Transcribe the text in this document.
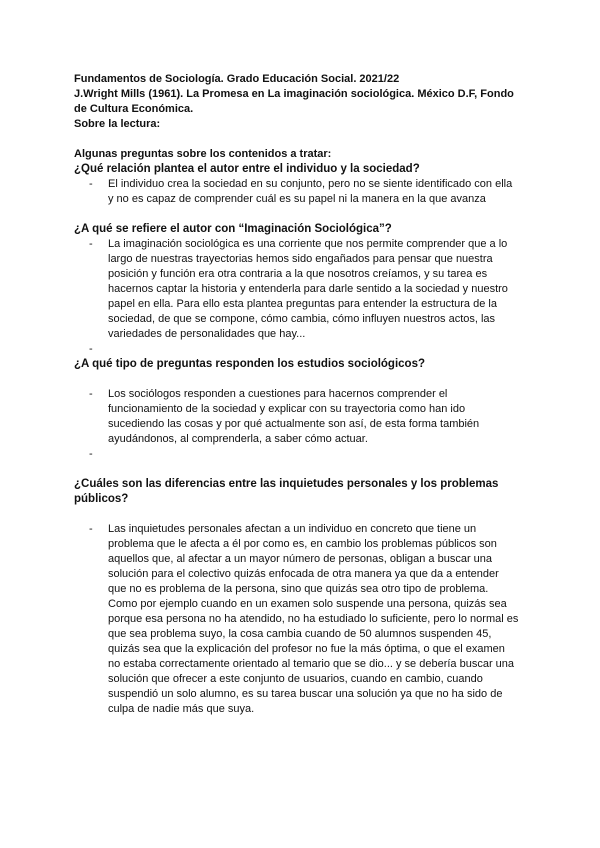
Fundamentos de Sociología. Grado Educación Social. 2021/22

J.Wright Mills (1961). La Promesa en La imaginación sociológica. México D.F, Fondo de Cultura Económica.

Sobre la lectura:

Algunas preguntas sobre los contenidos a tratar:

¿Qué relación plantea el autor entre el individuo y la sociedad?

- El individuo crea la sociedad en su conjunto, pero no se siente identificado con ella y no es capaz de comprender cuál es su papel ni la manera en la que avanza

¿A qué se refiere el autor con “Imaginación Sociológica”?

- La imaginación sociológica es una corriente que nos permite comprender que a lo largo de nuestras trayectorias hemos sido engañados para pensar que nuestra posición y función era otra contraria a la que nosotros creíamos, y su tarea es hacernos captar la historia y entenderla para darle sentido a la sociedad y nuestro papel en ella. Para ello esta plantea preguntas para entender la estructura de la sociedad, de que se compone, cómo cambia, cómo influyen nuestros actos, las variedades de personalidades que hay...
-

¿A qué tipo de preguntas responden los estudios sociológicos?

- Los sociólogos responden a cuestiones para hacernos comprender el funcionamiento de la sociedad y explicar con su trayectoria como han ido sucediendo las cosas y por qué actualmente son así, de esta forma también ayudándonos, al comprenderla, a saber cómo actuar.
-

¿Cuáles son las diferencias entre las inquietudes personales y los problemas públicos?

- Las inquietudes personales afectan a un individuo en concreto que tiene un problema que le afecta a él por como es, en cambio los problemas públicos son aquellos que, al afectar a un mayor número de personas, obligan a buscar una solución para el colectivo quizás enfocada de otra manera ya que da a entender que no es problema de la persona, sino que quizás sea otro tipo de problema. Como por ejemplo cuando en un examen solo suspende una persona, quizás sea porque esa persona no ha atendido, no ha estudiado lo suficiente, pero lo normal es que sea problema suyo, la cosa cambia cuando de 50 alumnos suspenden 45, quizás sea que la explicación del profesor no fue la más óptima, o que el examen no estaba correctamente orientado al temario que se dio... y se debería buscar una solución que ofrecer a este conjunto de usuarios, cuando en cambio, cuando suspendió un solo alumno, es su tarea buscar una solución ya que no ha sido de culpa de nadie más que suya.
